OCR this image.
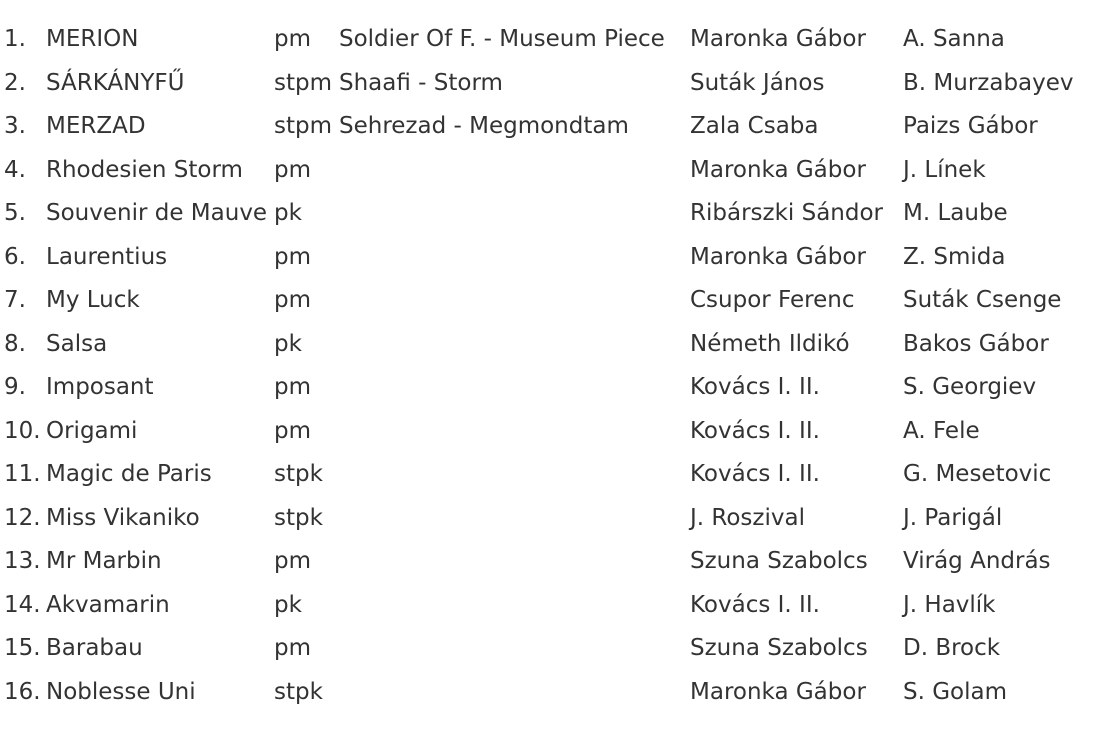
1.	MERION	pm	Soldier Of F. - Museum Piece	Maronka Gábor	A. Sanna
2.	SÁRKÁNYFŰ	stpm	Shaafi - Storm	Suták János	B. Murzabayev
3.	MERZAD	stpm	Sehrezad - Megmondtam	Zala Csaba	Paizs Gábor
4.	Rhodesien Storm	pm		Maronka Gábor	J. Línek
5.	Souvenir de Mauve	pk		Ribárszki Sándor	M. Laube
6.	Laurentius	pm		Maronka Gábor	Z. Smida
7.	My Luck	pm		Csupor Ferenc	Suták Csenge
8.	Salsa	pk		Németh Ildikó	Bakos Gábor
9.	Imposant	pm		Kovács I. II.	S. Georgiev
10.	Origami	pm		Kovács I. II.	A. Fele
11.	Magic de Paris	stpk		Kovács I. II.	G. Mesetovic
12.	Miss Vikaniko	stpk		J. Roszival	J. Parigál
13.	Mr Marbin	pm		Szuna Szabolcs	Virág András
14.	Akvamarin	pk		Kovács I. II.	J. Havlík
15.	Barabau	pm		Szuna Szabolcs	D. Brock
16.	Noblesse Uni	stpk		Maronka Gábor	S. Golam
